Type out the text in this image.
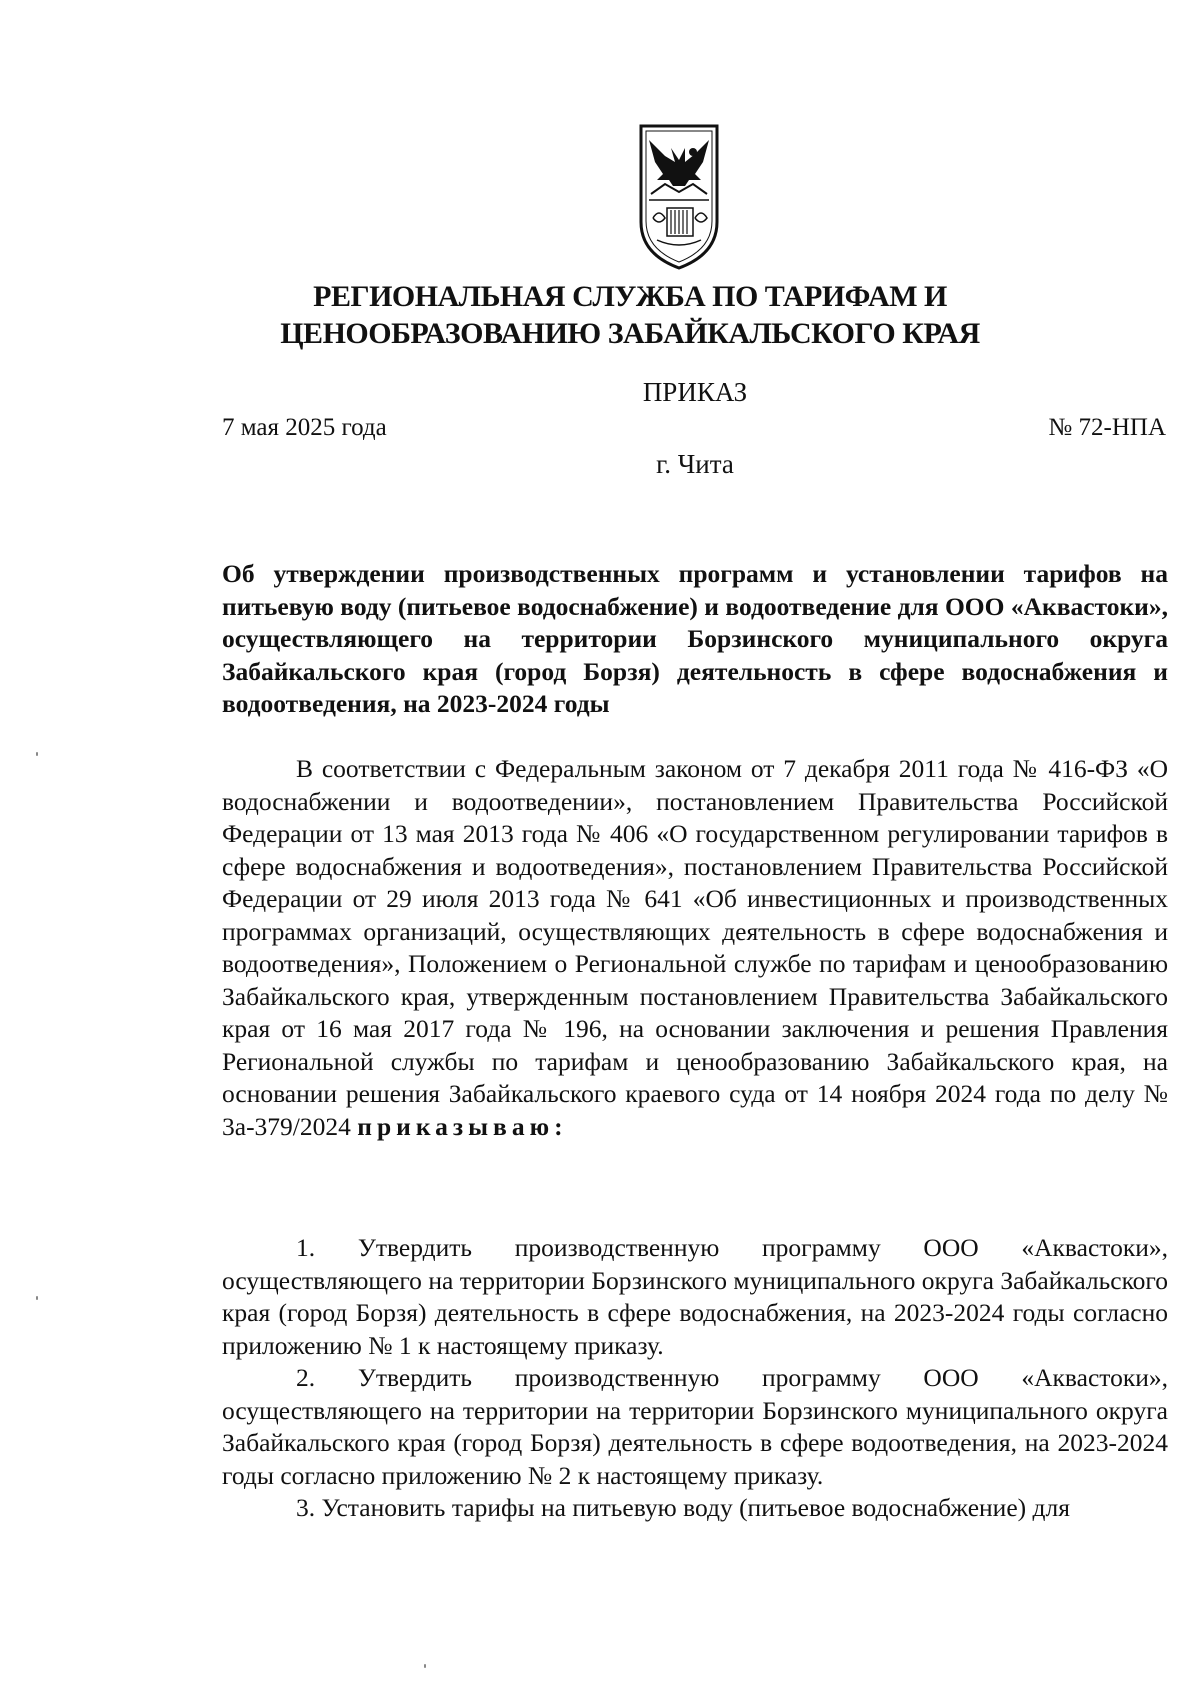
РЕГИОНАЛЬНАЯ СЛУЖБА ПО ТАРИФАМ И
ЦЕНООБРАЗОВАНИЮ ЗАБАЙКАЛЬСКОГО КРАЯ
ПРИКАЗ
7 мая 2025 года	№ 72-НПА
г. Чита
Об утверждении производственных программ и установлении тарифов на питьевую воду (питьевое водоснабжение) и водоотведение для ООО «Аквастоки», осуществляющего на территории Борзинского муниципального округа Забайкальского края (город Борзя) деятельность в сфере водоснабжения и водоотведения, на 2023-2024 годы
В соответствии с Федеральным законом от 7 декабря 2011 года № 416-ФЗ «О водоснабжении и водоотведении», постановлением Правительства Российской Федерации от 13 мая 2013 года № 406 «О государственном регулировании тарифов в сфере водоснабжения и водоотведения», постановлением Правительства Российской Федерации от 29 июля 2013 года № 641 «Об инвестиционных и производственных программах организаций, осуществляющих деятельность в сфере водоснабжения и водоотведения», Положением о Региональной службе по тарифам и ценообразованию Забайкальского края, утвержденным постановлением Правительства Забайкальского края от 16 мая 2017 года № 196, на основании заключения и решения Правления Региональной службы по тарифам и ценообразованию Забайкальского края, на основании решения Забайкальского краевого суда от 14 ноября 2024 года по делу № 3а-379/2024 приказываю:

1. Утвердить производственную программу ООО «Аквастоки», осуществляющего на территории Борзинского муниципального округа Забайкальского края (город Борзя) деятельность в сфере водоснабжения, на 2023-2024 годы согласно приложению № 1 к настоящему приказу.

2. Утвердить производственную программу ООО «Аквастоки», осуществляющего на территории на территории Борзинского муниципального округа Забайкальского края (город Борзя) деятельность в сфере водоотведения, на 2023-2024 годы согласно приложению № 2 к настоящему приказу.

3. Установить тарифы на питьевую воду (питьевое водоснабжение) для
